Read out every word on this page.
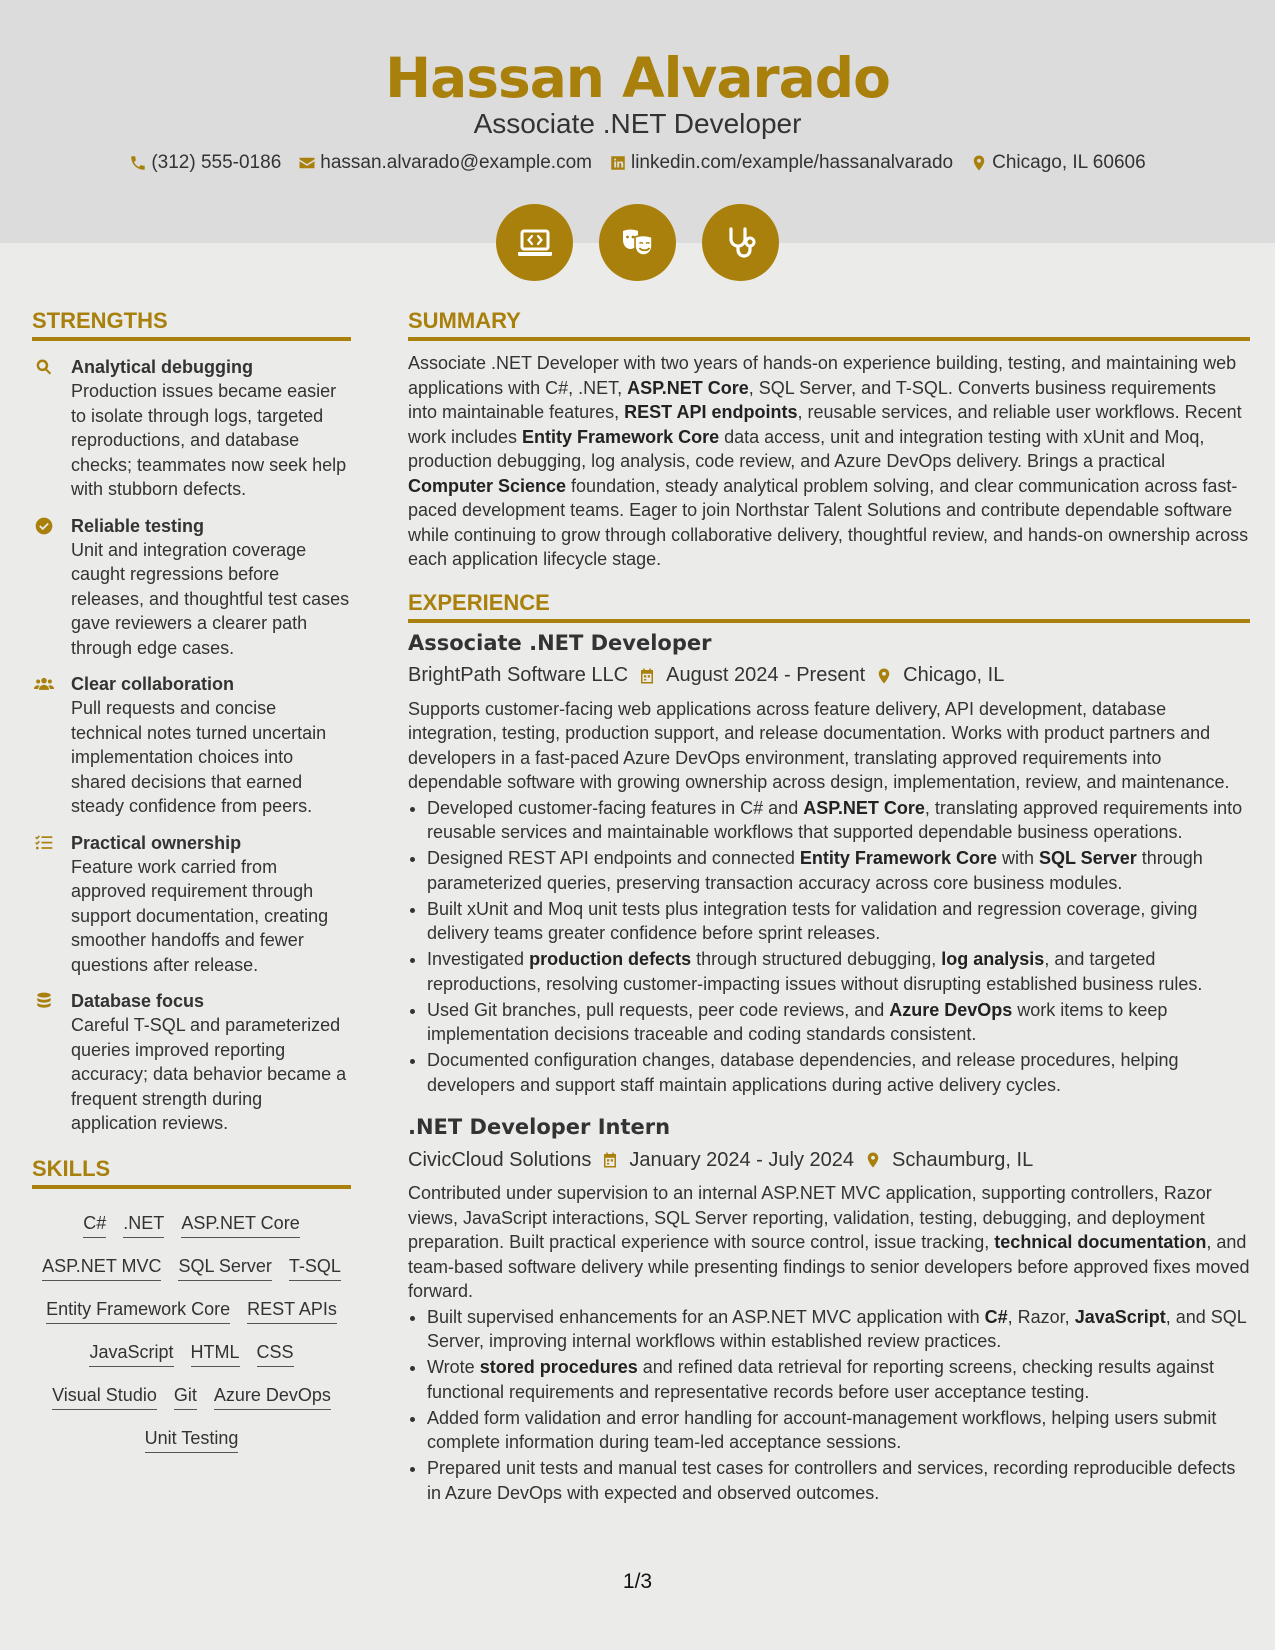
Hassan Alvarado
Associate .NET Developer
(312) 555-0186 hassan.alvarado@example.com linkedin.com/example/hassanalvarado Chicago, IL 60606
STRENGTHS
Analytical debugging
Production issues became easier to isolate through logs, targeted reproductions, and database checks; teammates now seek help with stubborn defects.
Reliable testing
Unit and integration coverage caught regressions before releases, and thoughtful test cases gave reviewers a clearer path through edge cases.
Clear collaboration
Pull requests and concise technical notes turned uncertain implementation choices into shared decisions that earned steady confidence from peers.
Practical ownership
Feature work carried from approved requirement through support documentation, creating smoother handoffs and fewer questions after release.
Database focus
Careful T-SQL and parameterized queries improved reporting accuracy; data behavior became a frequent strength during application reviews.
SKILLS
C# .NET ASP.NET Core
ASP.NET MVC SQL Server T-SQL
Entity Framework Core REST APIs
JavaScript HTML CSS
Visual Studio Git Azure DevOps
Unit Testing
SUMMARY
Associate .NET Developer with two years of hands-on experience building, testing, and maintaining web applications with C#, .NET, ASP.NET Core, SQL Server, and T-SQL. Converts business requirements into maintainable features, REST API endpoints, reusable services, and reliable user workflows. Recent work includes Entity Framework Core data access, unit and integration testing with xUnit and Moq, production debugging, log analysis, code review, and Azure DevOps delivery. Brings a practical Computer Science foundation, steady analytical problem solving, and clear communication across fast-paced development teams. Eager to join Northstar Talent Solutions and contribute dependable software while continuing to grow through collaborative delivery, thoughtful review, and hands-on ownership across each application lifecycle stage.
EXPERIENCE
Associate .NET Developer
BrightPath Software LLC August 2024 - Present Chicago, IL
Supports customer-facing web applications across feature delivery, API development, database integration, testing, production support, and release documentation. Works with product partners and developers in a fast-paced Azure DevOps environment, translating approved requirements into dependable software with growing ownership across design, implementation, review, and maintenance.
• Developed customer-facing features in C# and ASP.NET Core, translating approved requirements into reusable services and maintainable workflows that supported dependable business operations.
• Designed REST API endpoints and connected Entity Framework Core with SQL Server through parameterized queries, preserving transaction accuracy across core business modules.
• Built xUnit and Moq unit tests plus integration tests for validation and regression coverage, giving delivery teams greater confidence before sprint releases.
• Investigated production defects through structured debugging, log analysis, and targeted reproductions, resolving customer-impacting issues without disrupting established business rules.
• Used Git branches, pull requests, peer code reviews, and Azure DevOps work items to keep implementation decisions traceable and coding standards consistent.
• Documented configuration changes, database dependencies, and release procedures, helping developers and support staff maintain applications during active delivery cycles.
.NET Developer Intern
CivicCloud Solutions January 2024 - July 2024 Schaumburg, IL
Contributed under supervision to an internal ASP.NET MVC application, supporting controllers, Razor views, JavaScript interactions, SQL Server reporting, validation, testing, debugging, and deployment preparation. Built practical experience with source control, issue tracking, technical documentation, and team-based software delivery while presenting findings to senior developers before approved fixes moved forward.
• Built supervised enhancements for an ASP.NET MVC application with C#, Razor, JavaScript, and SQL Server, improving internal workflows within established review practices.
• Wrote stored procedures and refined data retrieval for reporting screens, checking results against functional requirements and representative records before user acceptance testing.
• Added form validation and error handling for account-management workflows, helping users submit complete information during team-led acceptance sessions.
• Prepared unit tests and manual test cases for controllers and services, recording reproducible defects in Azure DevOps with expected and observed outcomes.
1/3
